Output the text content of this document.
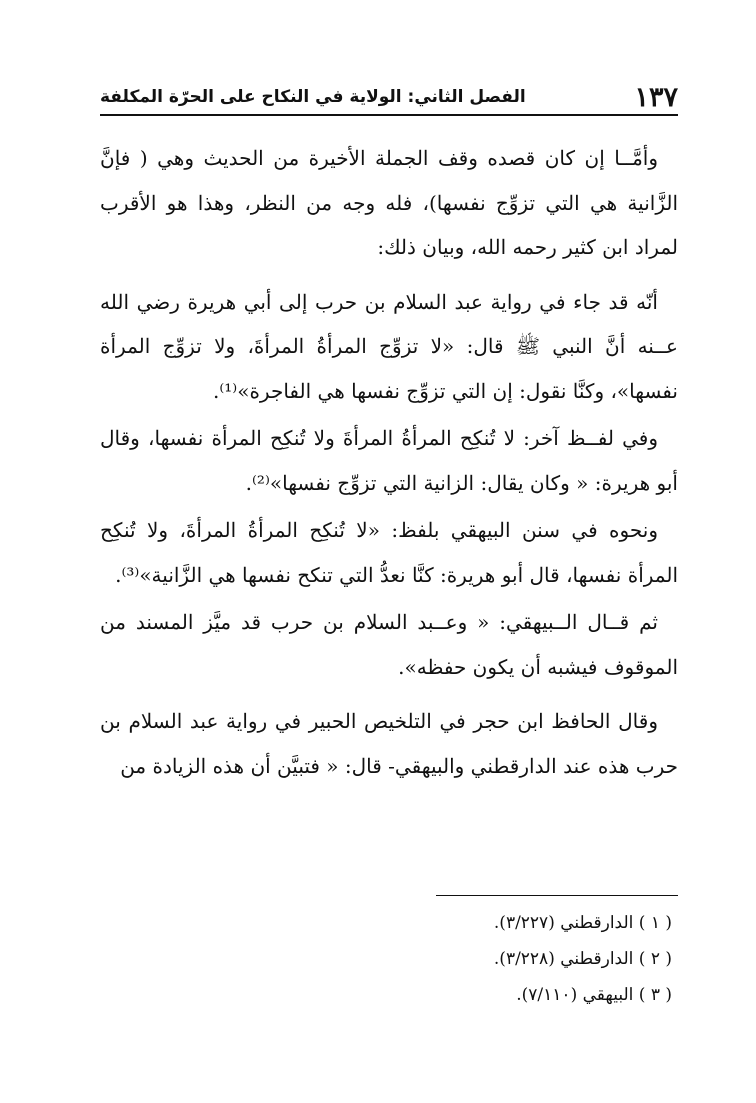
١٣٧
الفصل الثاني: الولاية في النكاح على الحرّة المكلفة

وأمَّــا إن كان قصده وقف الجملة الأخيرة من الحديث وهي ( فإنَّ الزَّانية هي التي تزوِّج نفسها)، فله وجه من النظر، وهذا هو الأقرب لمراد ابن كثير رحمه الله، وبيان ذلك:

أنّه قد جاء في رواية عبد السلام بن حرب إلى أبي هريرة رضي الله عــنه أنَّ النبي ﷺ قال: «لا تزوِّج المرأةُ المرأةَ، ولا تزوِّج المرأة نفسها»، وكنَّا نقول: إن التي تزوِّج نفسها هي الفاجرة»⁽¹⁾.

وفي لفــظ آخر: لا تُنكِح المرأةُ المرأةَ ولا تُنكِح المرأة نفسها، وقال أبو هريرة: « وكان يقال: الزانية التي تزوِّج نفسها»⁽²⁾.

ونحوه في سنن البيهقي بلفظ: «لا تُنكِح المرأةُ المرأةَ، ولا تُنكِح المرأة نفسها، قال أبو هريرة: كنَّا نعدُّ التي تنكح نفسها هي الزَّانية»⁽³⁾.

ثم قــال الــبيهقي: « وعــبد السلام بن حرب قد ميَّز المسند من الموقوف فيشبه أن يكون حفظه».

وقال الحافظ ابن حجر في التلخيص الحبير في رواية عبد السلام بن حرب هذه عند الدارقطني والبيهقي- قال: « فتبيَّن أن هذه الزيادة من

( ١ ) الدارقطني (٣/٢٢٧).

( ٢ ) الدارقطني (٣/٢٢٨).

( ٣ ) البيهقي (٧/١١٠).
